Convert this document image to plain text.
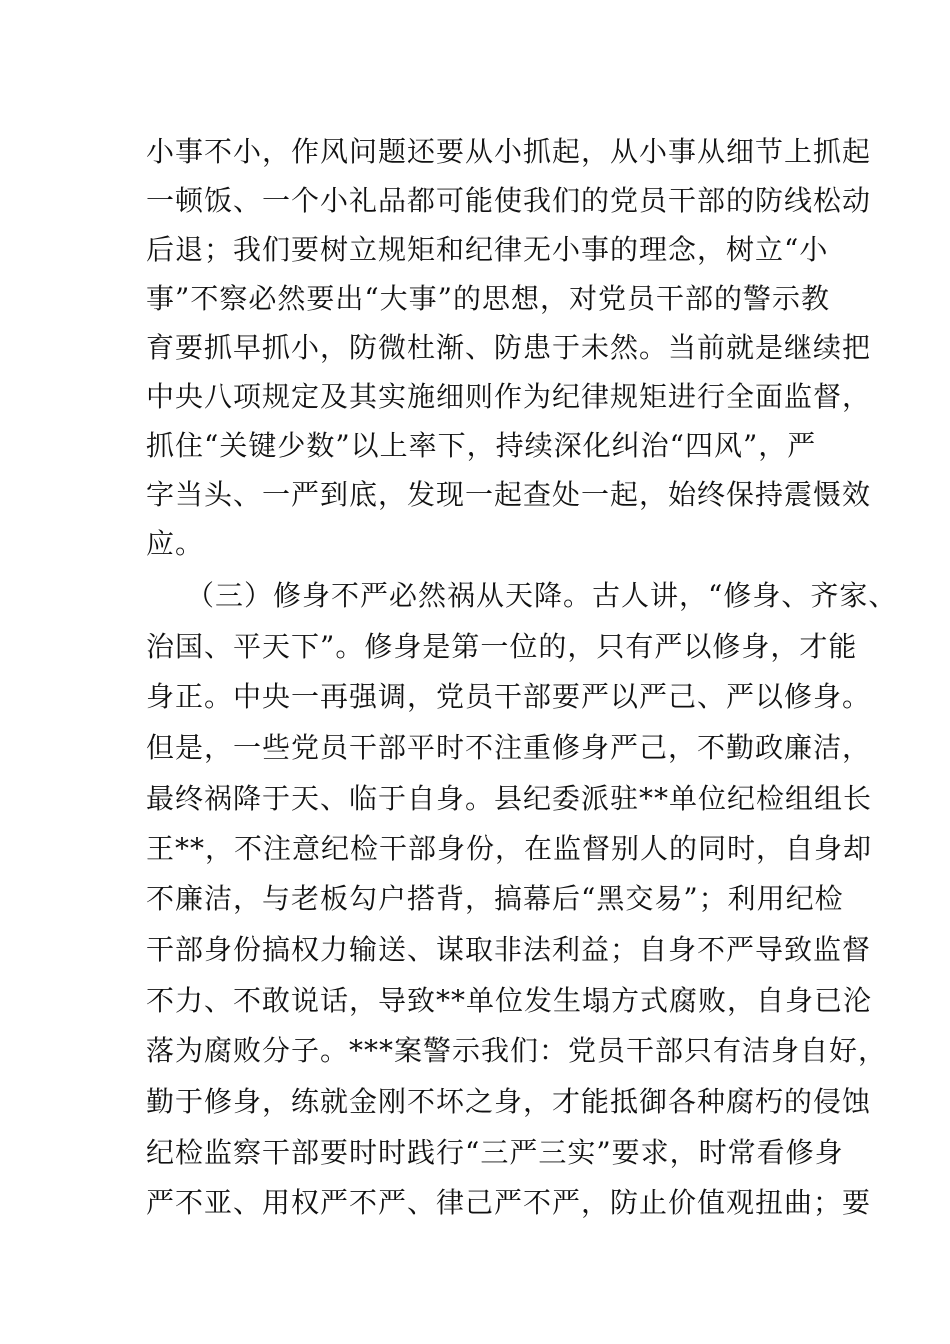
小事不小，作风问题还要从小抓起，从小事从细节上抓起
一顿饭、一个小礼品都可能使我们的党员干部的防线松动
后退；我们要树立规矩和纪律无小事的理念，树立“小
事”不察必然要出“大事”的思想，对党员干部的警示教
育要抓早抓小，防微杜渐、防患于未然。当前就是继续把
中央八项规定及其实施细则作为纪律规矩进行全面监督，
抓住“关键少数”以上率下，持续深化纠治“四风”，严
字当头、一严到底，发现一起查处一起，始终保持震慑效
应。
（三）修身不严必然祸从天降。古人讲，“修身、齐家、
治国、平天下”。修身是第一位的，只有严以修身，才能
身正。中央一再强调，党员干部要严以严己、严以修身。
但是，一些党员干部平时不注重修身严己，不勤政廉洁，
最终祸降于天、临于自身。县纪委派驻**单位纪检组组长
王**，不注意纪检干部身份，在监督别人的同时，自身却
不廉洁，与老板勾户搭背，搞幕后“黑交易”；利用纪检
干部身份搞权力输送、谋取非法利益；自身不严导致监督
不力、不敢说话，导致**单位发生塌方式腐败，自身已沦
落为腐败分子。***案警示我们：党员干部只有洁身自好，
勤于修身，练就金刚不坏之身，才能抵御各种腐朽的侵蚀
纪检监察干部要时时践行“三严三实”要求，时常看修身
严不亚、用权严不严、律己严不严，防止价值观扭曲；要
